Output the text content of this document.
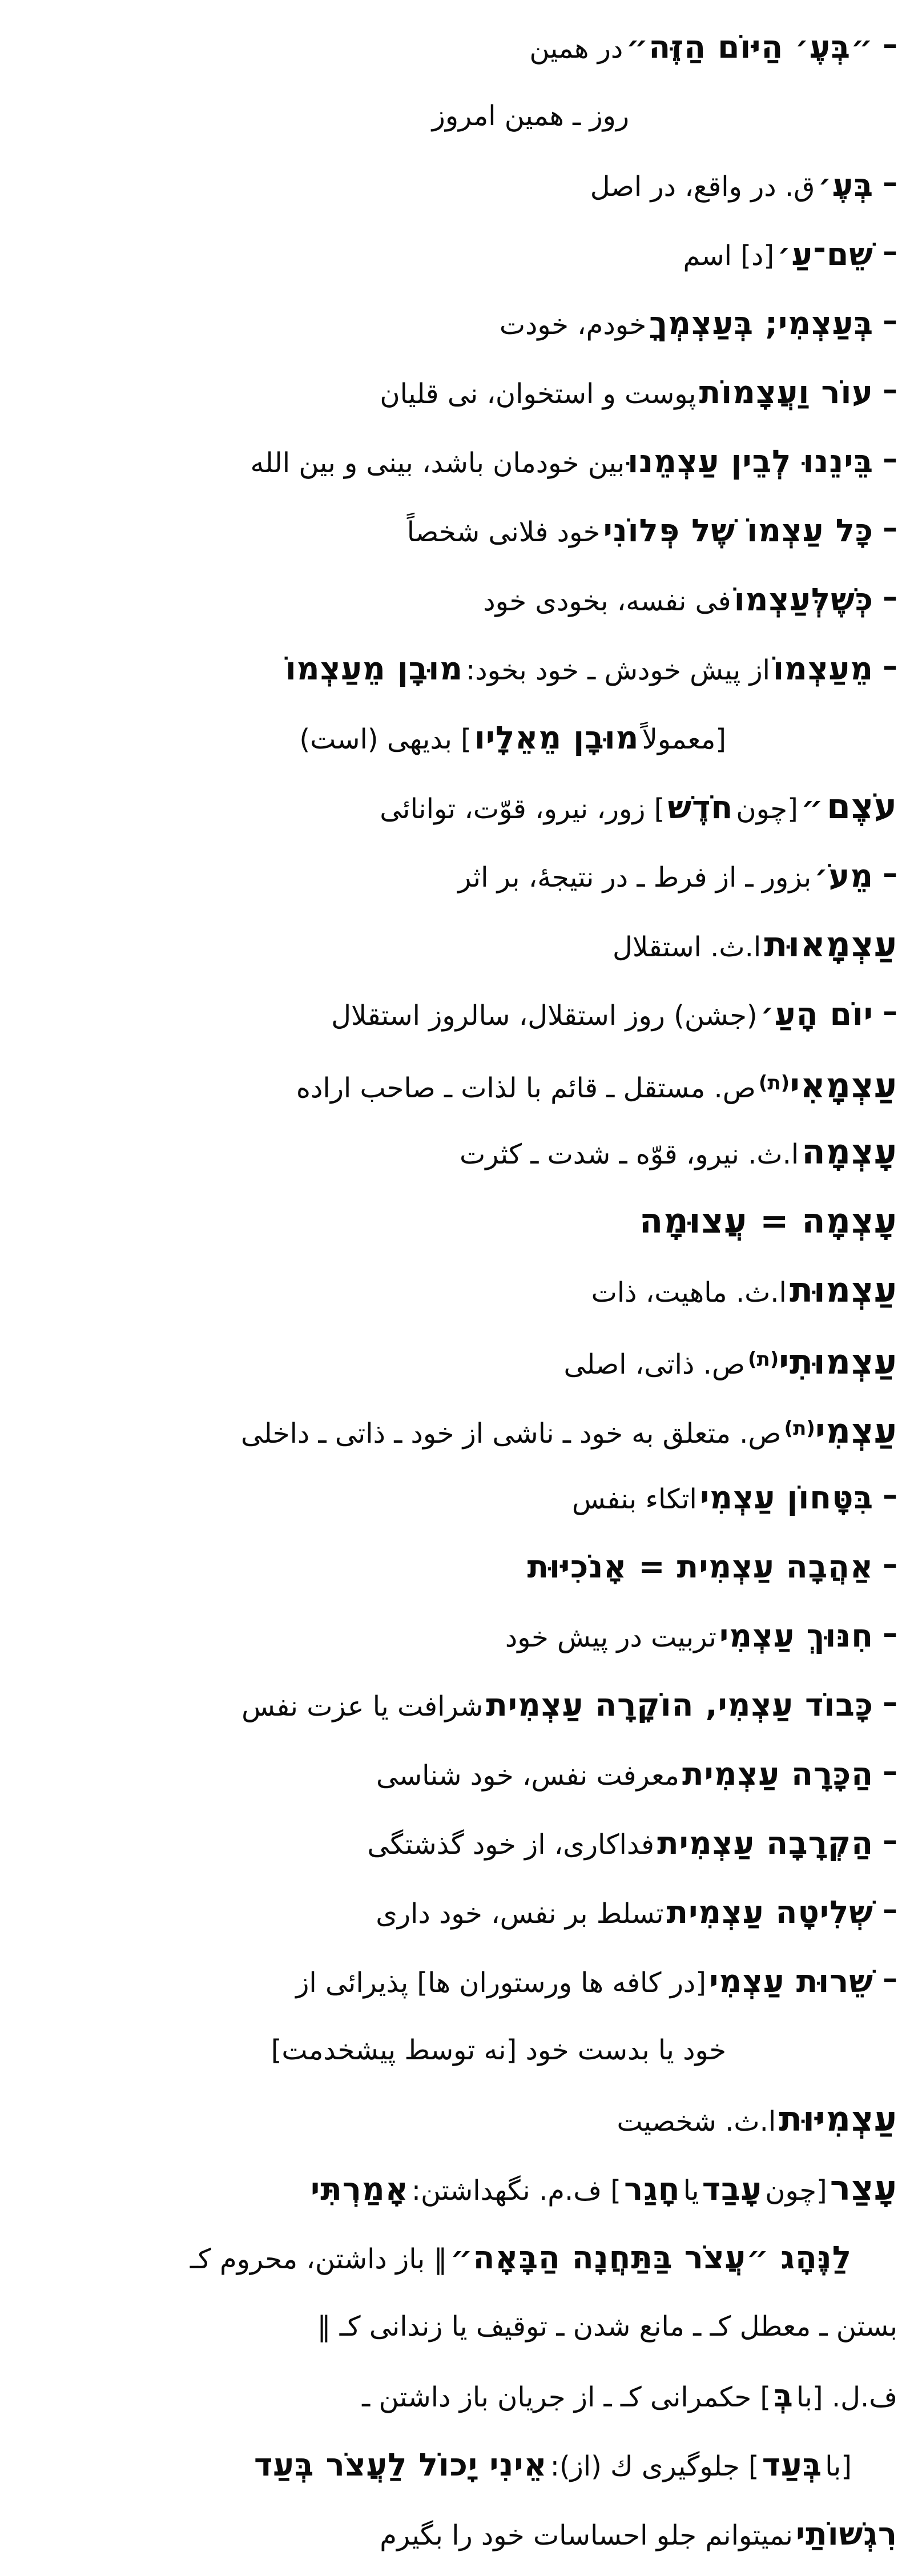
–״בְּעֶ׳ הַיּוֹם הַזֶּה״ در همین
روز ـ همین امروز
–בְּעֶ׳ ق. در واقع، در اصل
–שֵׁם־עַ׳ [د] اسم
–בְּעַצְמִי; בְּעַצְמְךָ خودم، خودت
–עוֹר וַעֲצָמוֹת پوست و استخوان، نی قلیان
–בֵּינֵנוּ לְבֵין עַצְמֵנוּ بین خودمان باشد، بینی و بین الله
–כָּל עַצְמוֹ שֶׁל פְּלוֹנִי خود فلانی شخصاً
–כְּשֶׁלְּעַצְמוֹ فی نفسه، بخودی خود
–מֵעַצְמוֹ از پیش خودش ـ خود بخود: מוּבָן מֵעַצְמוֹ
[معمولاً מוּבָן מֵאֵלָיו ] بدیهی (است)
עֹצֶם ״ [چون חֹדֶשׁ ] زور، نیرو، قوّت، توانائی
–מֵעֹ׳ بزور ـ از فرط ـ در نتیجهٔ، بر اثر
עַצְמָאוּת ا.ث. استقلال
–יוֹם הָעַ׳ (جشن) روز استقلال، سالروز استقلال
עַצְמָאִי(ת) ص. مستقل ـ قائم با لذات ـ صاحب اراده
עָצְמָה ا.ث. نیرو، قوّه ـ شدت ـ کثرت
עָצְמָה = עֲצוּמָה
עַצְמוּת ا.ث. ماهیت، ذات
עַצְמוּתִי(ת) ص. ذاتی، اصلی
עַצְמִי(ת) ص. متعلق به خود ـ ناشی از خود ـ ذاتی ـ داخلی
–בִּטָּחוֹן עַצְמִי اتکاء بنفس
–אַהֲבָה עַצְמִית = אָנֹכִיּוּת
–חִנּוּךְ עַצְמִי تربیت در پیش خود
–כָּבוֹד עַצְמִי, הוֹקָרָה עַצְמִית شرافت یا عزت نفس
–הַכָּרָה עַצְמִית معرفت نفس، خود شناسی
–הַקְרָבָה עַצְמִית فداکاری، از خود گذشتگی
–שְׁלִיטָה עַצְמִית تسلط بر نفس، خود داری
–שֵׁרוּת עַצְמִי [در کافه ها ورستوران ها] پذیرائی از
خود یا بدست خود [نه توسط پیشخدمت]
עַצְמִיּוּת ا.ث. شخصیت
עָצַר [چون עָבַד یا חָגַר ] ف.م. نگهداشتن: אָמַרְתִּי
לַנֶּהָג ״עֲצֹר בַּתַּחֲנָה הַבָּאָה״ ‖ باز داشتن، محروم كـ
بستن ـ معطل كـ ـ مانع شدن ـ توقیف یا زندانی كـ ‖
ف.ل. [با בְּ ] حکمرانی كـ ـ از جریان باز داشتن ـ
[با בְּעַד ] جلوگیری ك (از): אֵינִי יָכוֹל לַעֲצֹר בְּעַד
רִגְשׁוֹתַי نمیتوانم جلو احساسات خود را بگیرم
